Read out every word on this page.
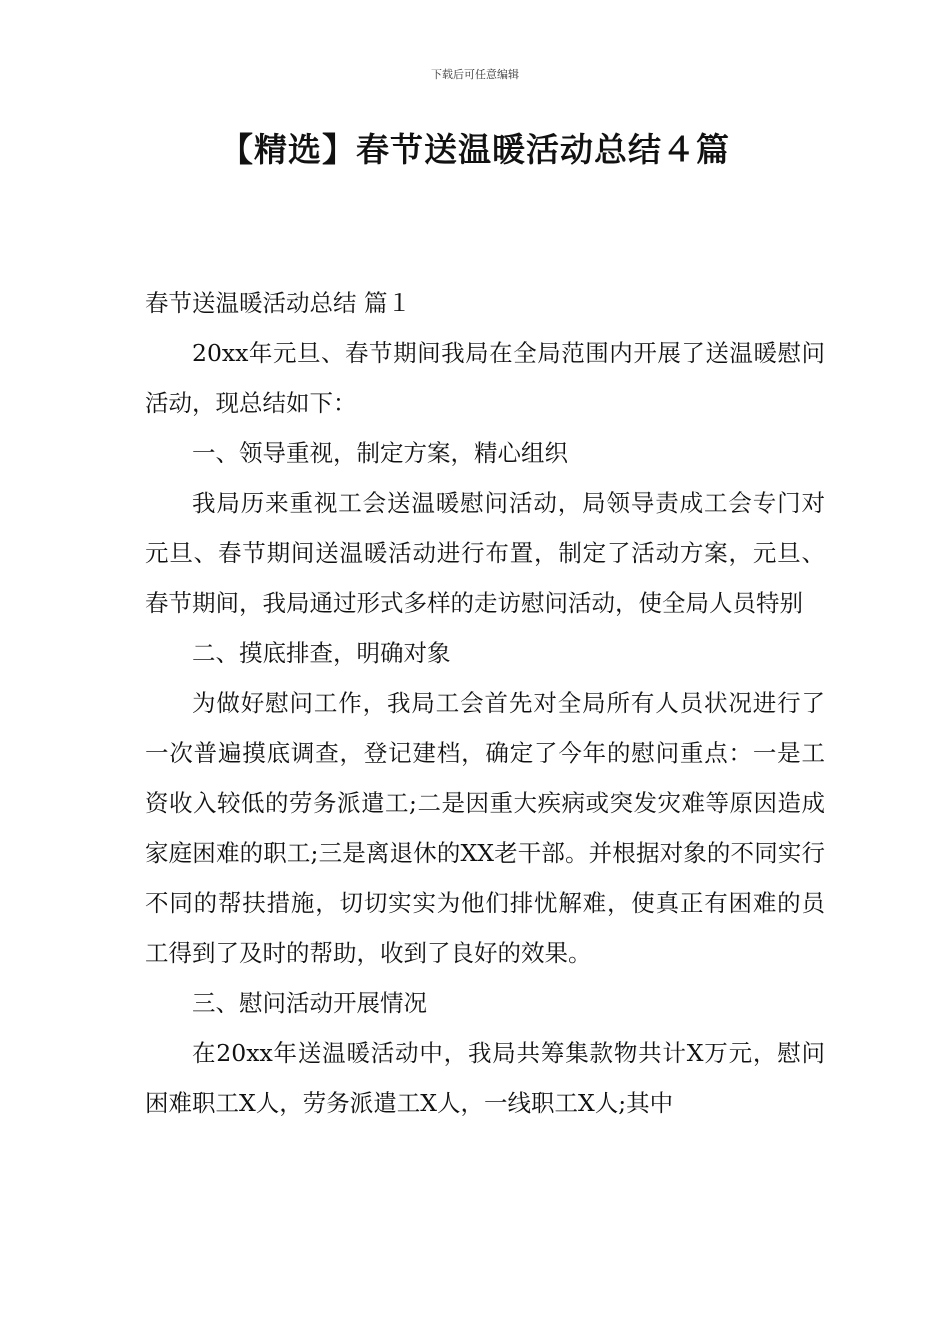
下载后可任意编辑
【精选】春节送温暖活动总结４篇

春节送温暖活动总结 篇１

20xx年元旦、春节期间我局在全局范围内开展了送温暖慰问活动，现总结如下：

一、领导重视，制定方案，精心组织

我局历来重视工会送温暖慰问活动，局领导责成工会专门对元旦、春节期间送温暖活动进行布置，制定了活动方案，元旦、春节期间，我局通过形式多样的走访慰问活动，使全局人员特别

二、摸底排查，明确对象

为做好慰问工作，我局工会首先对全局所有人员状况进行了一次普遍摸底调查，登记建档，确定了今年的慰问重点：一是工资收入较低的劳务派遣工;二是因重大疾病或突发灾难等原因造成家庭困难的职工;三是离退休的XX老干部。并根据对象的不同实行不同的帮扶措施，切切实实为他们排忧解难，使真正有困难的员工得到了及时的帮助，收到了良好的效果。

三、慰问活动开展情况

在20xx年送温暖活动中，我局共筹集款物共计X万元，慰问困难职工X人，劳务派遣工X人，一线职工X人;其中
